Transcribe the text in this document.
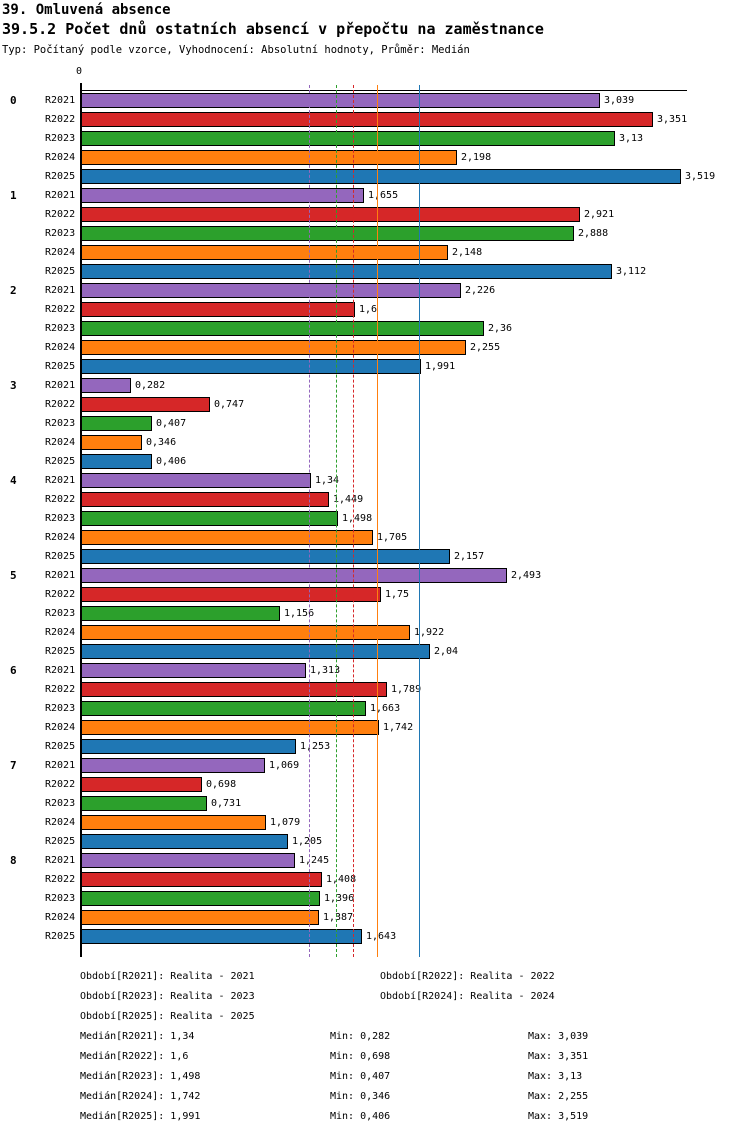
39. Omluvená absence
39.5.2 Počet dnů ostatních absencí v přepočtu na zaměstnance
Typ: Počítaný podle vzorce, Vyhodnocení: Absolutní hodnoty, Průměr: Medián
0
0	R2021	3,039
R2022	3,351
R2023	3,13
R2024	2,198
R2025	3,519
1	R2021	1,655
R2022	2,921
R2023	2,888
R2024	2,148
R2025	3,112
2	R2021	2,226
R2022	1,6
R2023	2,36
R2024	2,255
R2025	1,991
3	R2021	0,282
R2022	0,747
R2023	0,407
R2024	0,346
R2025	0,406
4	R2021	1,34
R2022	1,449
R2023	1,498
R2024	1,705
R2025	2,157
5	R2021	2,493
R2022	1,75
R2023	1,156
R2024	1,922
R2025	2,04
6	R2021	1,313
R2022	1,789
R2023	1,663
R2024	1,742
R2025	1,253
7	R2021	1,069
R2022	0,698
R2023	0,731
R2024	1,079
R2025	1,205
8	R2021	1,245
R2022	1,408
R2023	1,396
R2024	1,387
R2025	1,643
Období[R2021]: Realita - 2021	Období[R2022]: Realita - 2022
Období[R2023]: Realita - 2023	Období[R2024]: Realita - 2024
Období[R2025]: Realita - 2025
Medián[R2021]: 1,34	Min: 0,282	Max: 3,039
Medián[R2022]: 1,6	Min: 0,698	Max: 3,351
Medián[R2023]: 1,498	Min: 0,407	Max: 3,13
Medián[R2024]: 1,742	Min: 0,346	Max: 2,255
Medián[R2025]: 1,991	Min: 0,406	Max: 3,519
